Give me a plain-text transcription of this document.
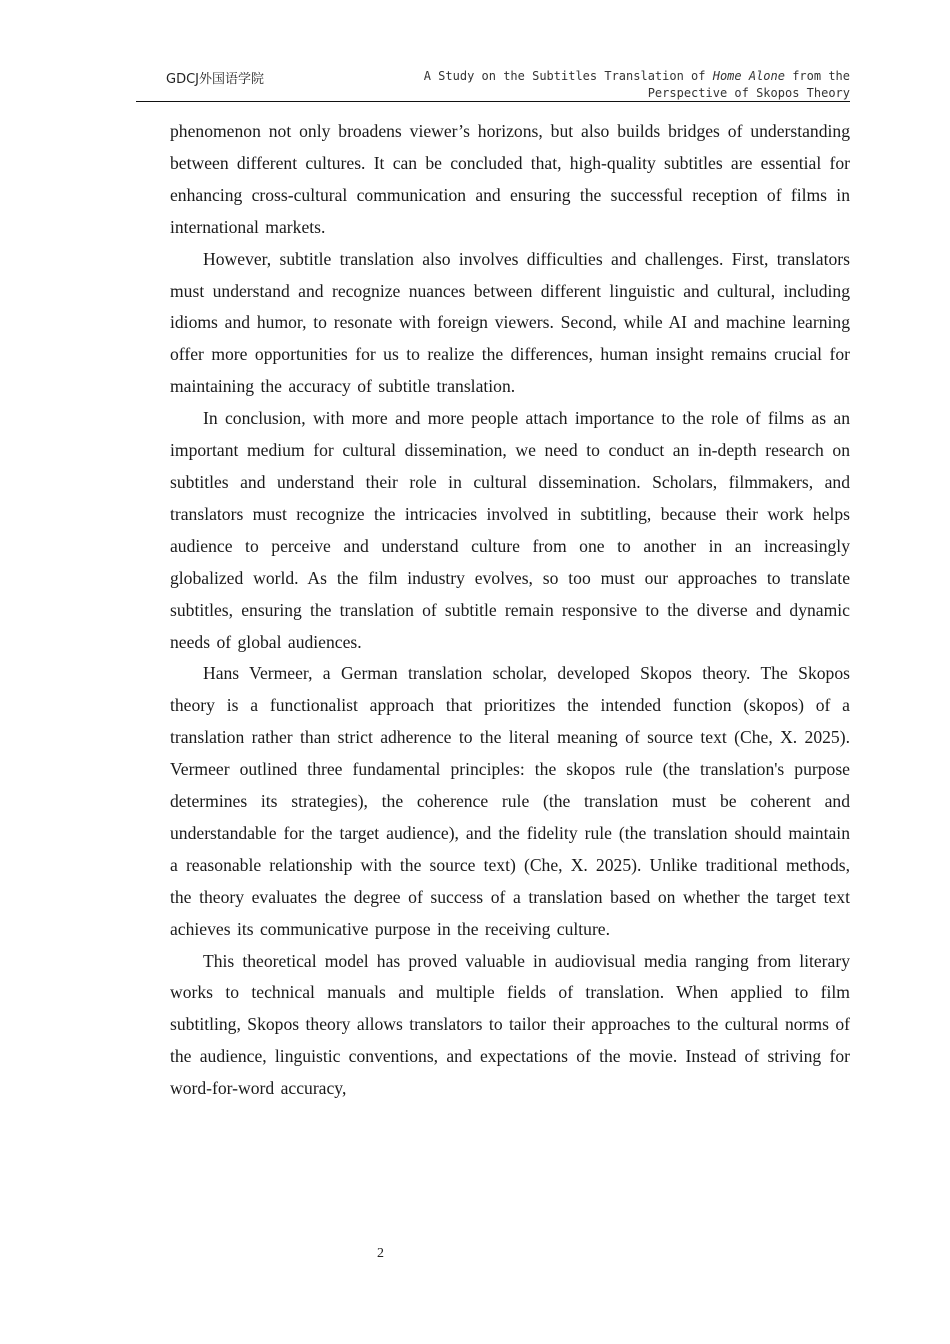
GDCJ外国语学院	A Study on the Subtitles Translation of Home Alone from the
Perspective of Skopos Theory

phenomenon not only broadens viewer’s horizons, but also builds bridges of understanding between different cultures. It can be concluded that, high-quality subtitles are essential for enhancing cross-cultural communication and ensuring the successful reception of films in international markets.

However, subtitle translation also involves difficulties and challenges. First, translators must understand and recognize nuances between different linguistic and cultural, including idioms and humor, to resonate with foreign viewers. Second, while AI and machine learning offer more opportunities for us to realize the differences, human insight remains crucial for maintaining the accuracy of subtitle translation.

In conclusion, with more and more people attach importance to the role of films as an important medium for cultural dissemination, we need to conduct an in-depth research on subtitles and understand their role in cultural dissemination. Scholars, filmmakers, and translators must recognize the intricacies involved in subtitling, because their work helps audience to perceive and understand culture from one to another in an increasingly globalized world. As the film industry evolves, so too must our approaches to translate subtitles, ensuring the translation of subtitle remain responsive to the diverse and dynamic needs of global audiences.

Hans Vermeer, a German translation scholar, developed Skopos theory. The Skopos theory is a functionalist approach that prioritizes the intended function (skopos) of a translation rather than strict adherence to the literal meaning of source text (Che, X. 2025). Vermeer outlined three fundamental principles: the skopos rule (the translation's purpose determines its strategies), the coherence rule (the translation must be coherent and understandable for the target audience), and the fidelity rule (the translation should maintain a reasonable relationship with the source text) (Che, X. 2025). Unlike traditional methods, the theory evaluates the degree of success of a translation based on whether the target text achieves its communicative purpose in the receiving culture.

This theoretical model has proved valuable in audiovisual media ranging from literary works to technical manuals and multiple fields of translation. When applied to film subtitling, Skopos theory allows translators to tailor their approaches to the cultural norms of the audience, linguistic conventions, and expectations of the movie. Instead of striving for word-for-word accuracy,

2
